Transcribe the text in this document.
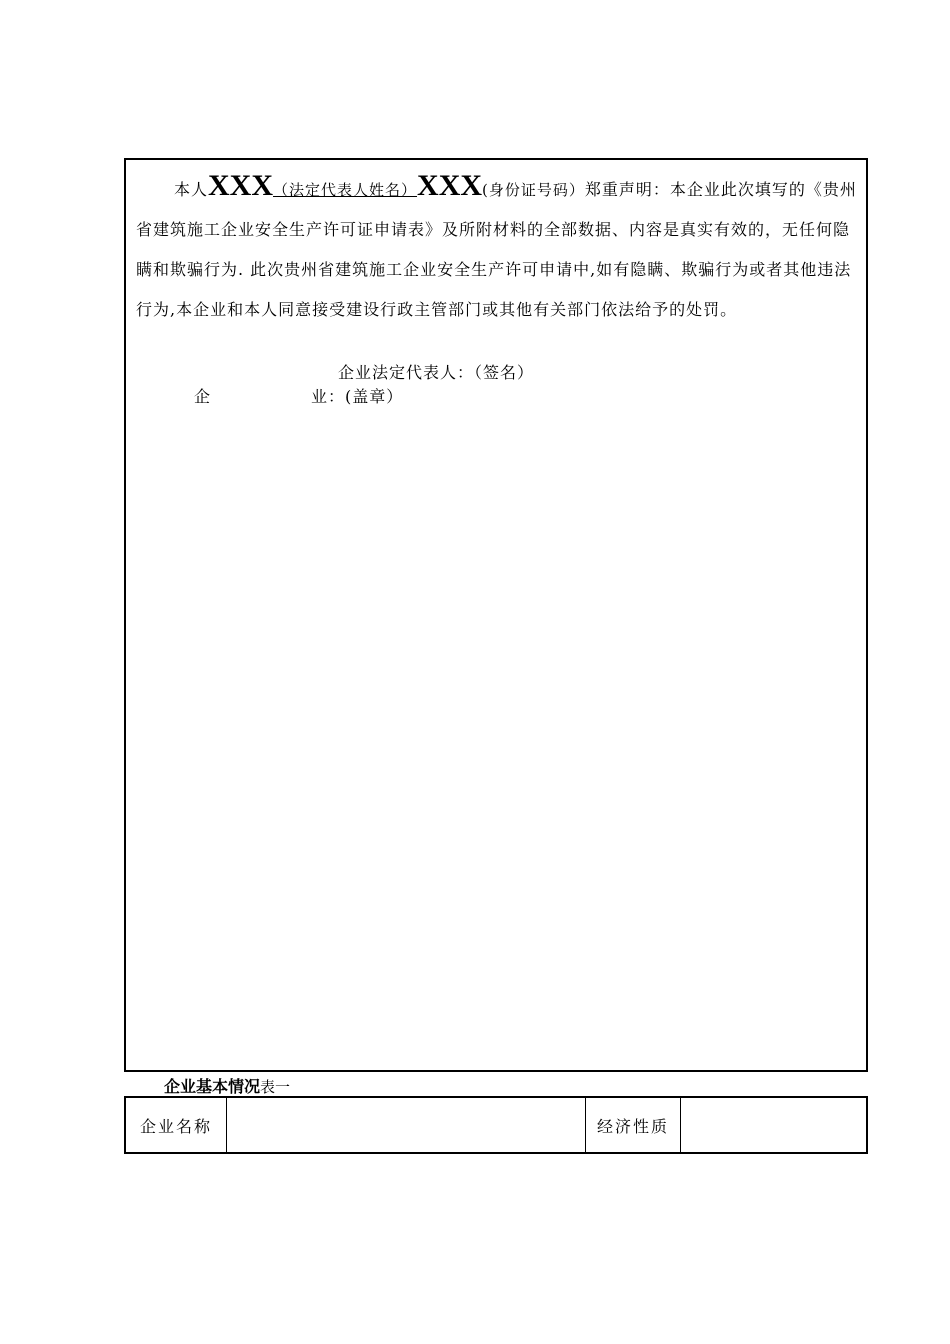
本人XXX（法定代表人姓名）XXX(身份证号码）郑重声明：本企业此次填写的《贵州省建筑施工企业安全生产许可证申请表》及所附材料的全部数据、内容是真实有效的，无任何隐瞒和欺骗行为. 此次贵州省建筑施工企业安全生产许可申请中,如有隐瞒、欺骗行为或者其他违法行为,本企业和本人同意接受建设行政主管部门或其他有关部门依法给予的处罚。
企业法定代表人：（签名）
企	业：(盖章）
企业基本情况表一
企业名称		经济性质	
